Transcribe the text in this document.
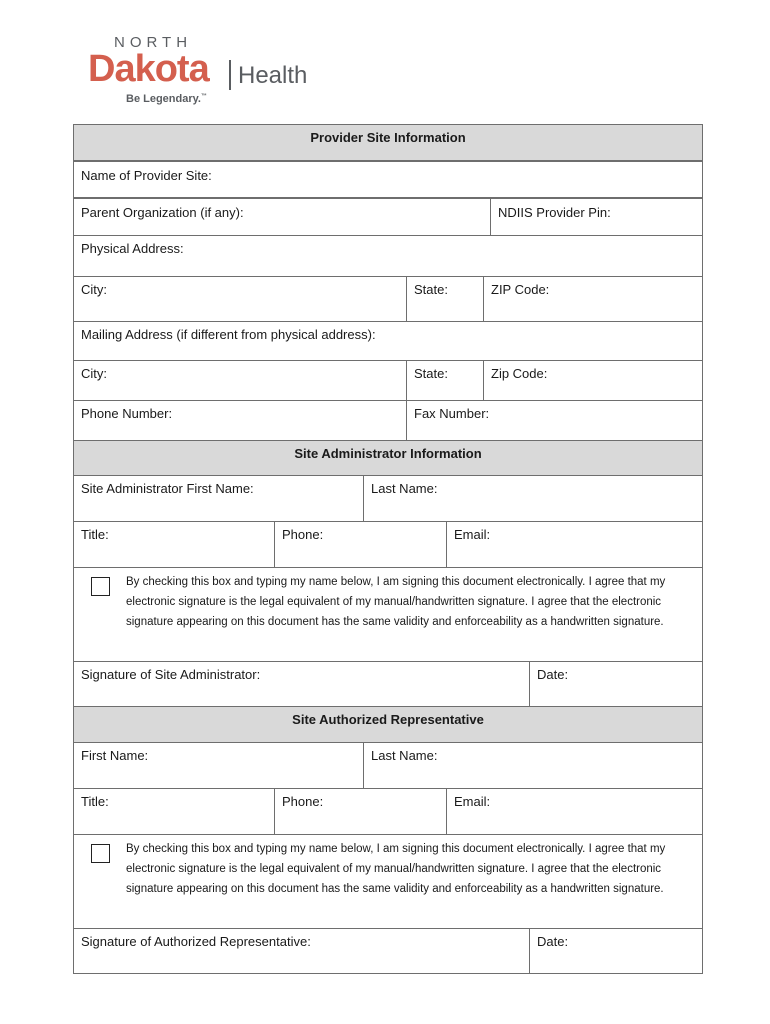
NORTH
Dakota Health
Be Legendary.™
Provider Site Information
Name of Provider Site:
Parent Organization (if any):	NDIIS Provider Pin:
Physical Address:
City:	State:	ZIP Code:
Mailing Address (if different from physical address):
City:	State:	Zip Code:
Phone Number:	Fax Number:
Site Administrator Information
Site Administrator First Name:	Last Name:
Title:	Phone:	Email:
By checking this box and typing my name below, I am signing this document electronically. I agree that my electronic signature is the legal equivalent of my manual/handwritten signature. I agree that the electronic signature appearing on this document has the same validity and enforceability as a handwritten signature.
Signature of Site Administrator:	Date:
Site Authorized Representative
First Name:	Last Name:
Title:	Phone:	Email:
By checking this box and typing my name below, I am signing this document electronically. I agree that my electronic signature is the legal equivalent of my manual/handwritten signature. I agree that the electronic signature appearing on this document has the same validity and enforceability as a handwritten signature.
Signature of Authorized Representative:	Date:
